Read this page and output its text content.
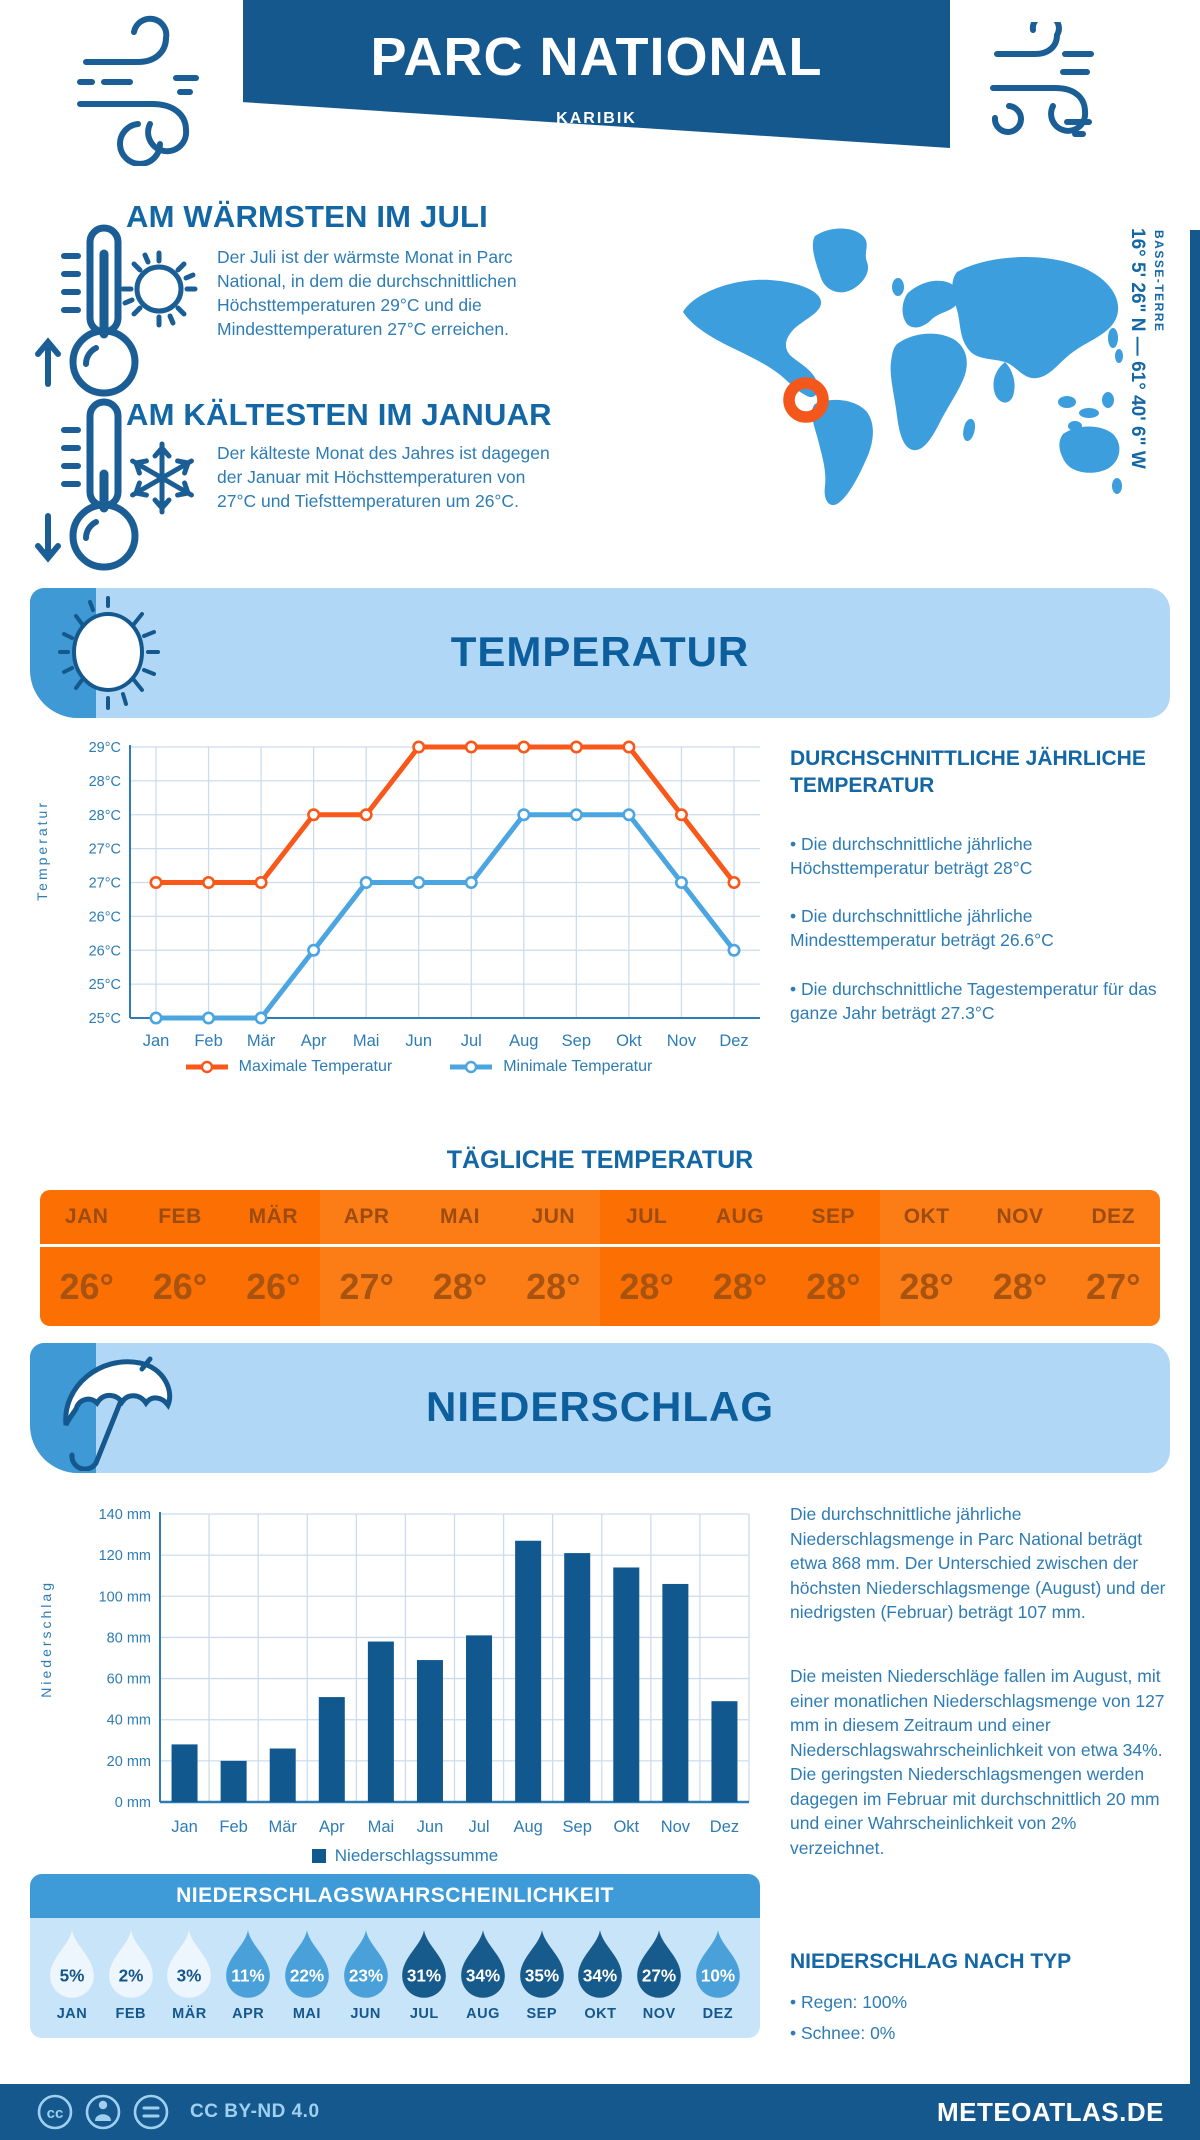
PARC NATIONAL
KARIBIK
AM WÄRMSTEN IM JULI
Der Juli ist der wärmste Monat in Parc National, in dem die durchschnittlichen Höchsttemperaturen 29°C und die Mindesttemperaturen 27°C erreichen.
AM KÄLTESTEN IM JANUAR
Der kälteste Monat des Jahres ist dagegen der Januar mit Höchsttemperaturen von 27°C und Tiefsttemperaturen um 26°C.
16° 5' 26" N — 61° 40' 6" W BASSE-TERRE
TEMPERATUR
Temperatur
29°C
28°C
28°C
27°C
27°C
26°C
26°C
25°C
25°C
Jan Feb Mär Apr Mai Jun Jul Aug Sep Okt Nov Dez
Maximale Temperatur	Minimale Temperatur
DURCHSCHNITTLICHE JÄHRLICHE TEMPERATUR
• Die durchschnittliche jährliche Höchsttemperatur beträgt 28°C
• Die durchschnittliche jährliche Mindesttemperatur beträgt 26.6°C
• Die durchschnittliche Tagestemperatur für das ganze Jahr beträgt 27.3°C
TÄGLICHE TEMPERATUR
JAN
26°
FEB
26°
MÄR
26°
APR
27°
MAI
28°
JUN
28°
JUL
28°
AUG
28°
SEP
28°
OKT
28°
NOV
28°
DEZ
27°
NIEDERSCHLAG
Niederschlag
140 mm
120 mm
100 mm
80 mm
60 mm
40 mm
20 mm
0 mm
Jan Feb Mär Apr Mai Jun Jul Aug Sep Okt Nov Dez
Niederschlagssumme
Die durchschnittliche jährliche Niederschlagsmenge in Parc National beträgt etwa 868 mm. Der Unterschied zwischen der höchsten Niederschlagsmenge (August) und der niedrigsten (Februar) beträgt 107 mm.
Die meisten Niederschläge fallen im August, mit einer monatlichen Niederschlagsmenge von 127 mm in diesem Zeitraum und einer Niederschlagswahrscheinlichkeit von etwa 34%. Die geringsten Niederschlagsmengen werden dagegen im Februar mit durchschnittlich 20 mm und einer Wahrscheinlichkeit von 2% verzeichnet.
NIEDERSCHLAG NACH TYP
• Regen: 100%
• Schnee: 0%
NIEDERSCHLAGSWAHRSCHEINLICHKEIT
5%
JAN
2%
FEB
3%
MÄR
11%
APR
22%
MAI
23%
JUN
31%
JUL
34%
AUG
35%
SEP
34%
OKT
27%
NOV
10%
DEZ
cc	CC BY-ND 4.0	METEOATLAS.DE
